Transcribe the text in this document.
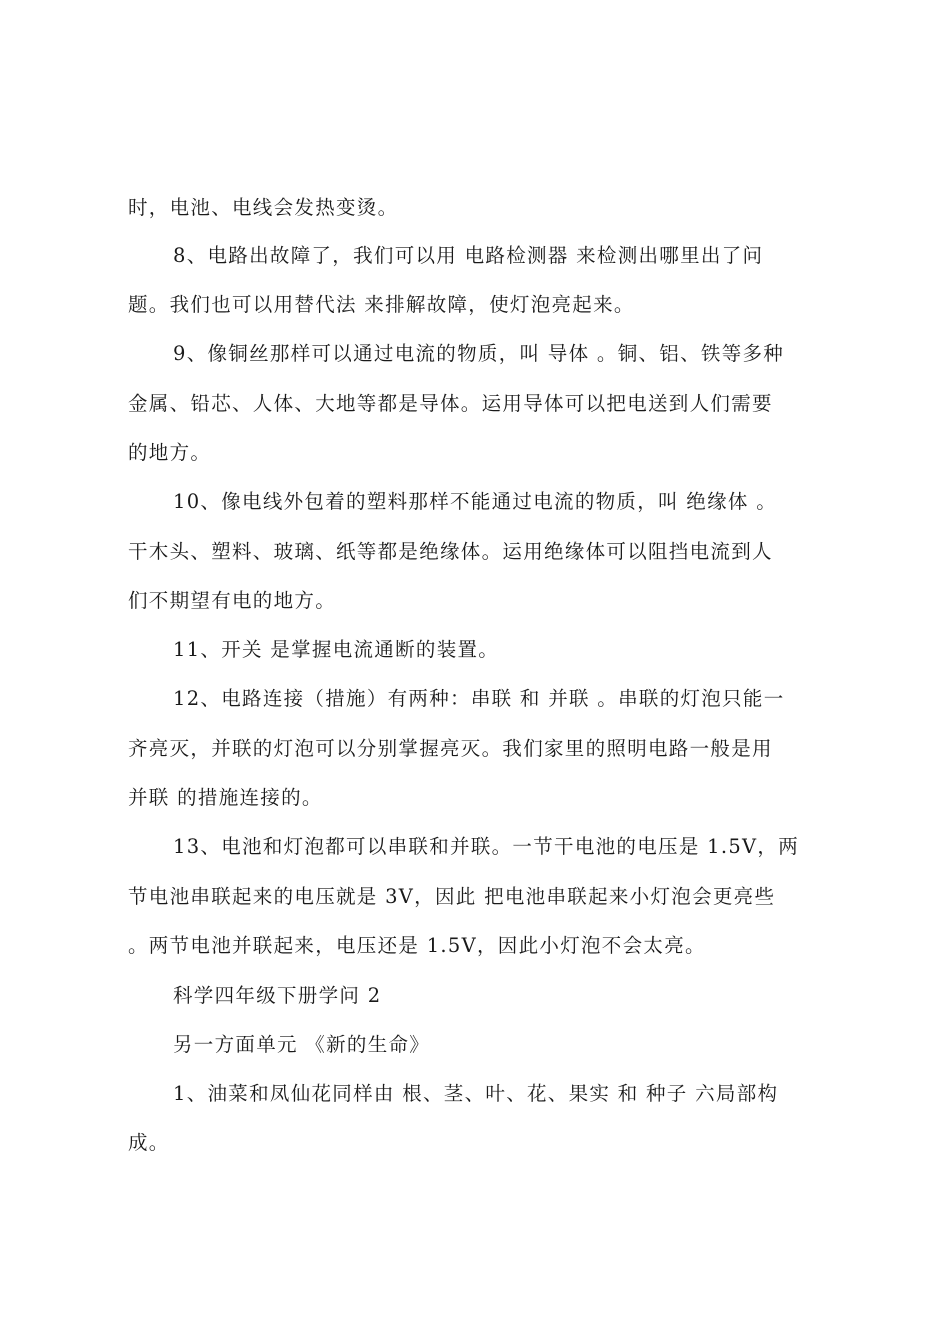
时，电池、电线会发热变烫。
8、电路出故障了，我们可以用 电路检测器 来检测出哪里出了问
题。我们也可以用替代法 来排解故障，使灯泡亮起来。
9、像铜丝那样可以通过电流的物质，叫 导体 。铜、铝、铁等多种
金属、铅芯、人体、大地等都是导体。运用导体可以把电送到人们需要
的地方。
10、像电线外包着的塑料那样不能通过电流的物质，叫 绝缘体 。
干木头、塑料、玻璃、纸等都是绝缘体。运用绝缘体可以阻挡电流到人
们不期望有电的地方。
11、开关 是掌握电流通断的装置。
12、电路连接（措施）有两种：串联 和 并联 。串联的灯泡只能一
齐亮灭，并联的灯泡可以分别掌握亮灭。我们家里的照明电路一般是用
并联 的措施连接的。
13、电池和灯泡都可以串联和并联。一节干电池的电压是 1.5V，两
节电池串联起来的电压就是 3V，因此 把电池串联起来小灯泡会更亮些
。两节电池并联起来，电压还是 1.5V，因此小灯泡不会太亮。
科学四年级下册学问 2
另一方面单元 《新的生命》
1、油菜和凤仙花同样由 根、茎、叶、花、果实 和 种子 六局部构
成。
